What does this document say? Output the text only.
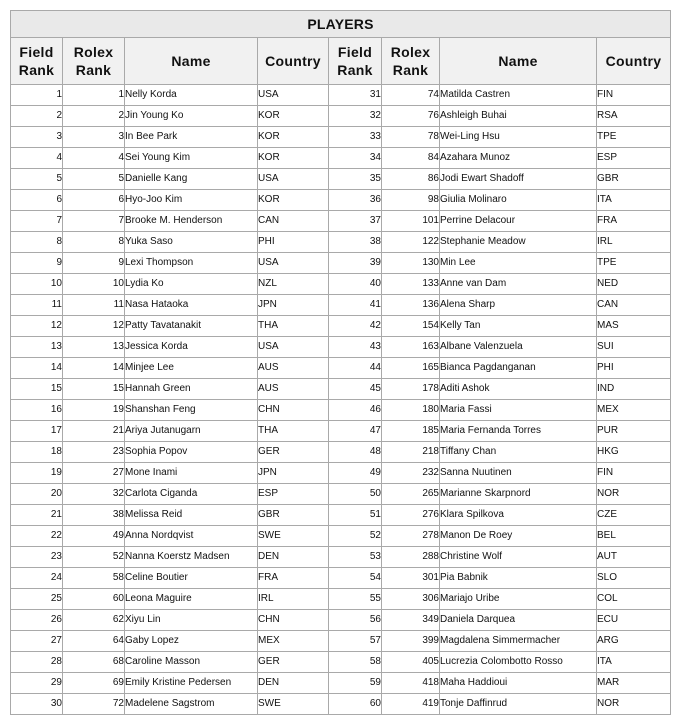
PLAYERS							
Field Rank	Rolex Rank	Name	Country	Field Rank	Rolex Rank	Name	Country
1	1	Nelly Korda	USA	31	74	Matilda Castren	FIN
2	2	Jin Young Ko	KOR	32	76	Ashleigh Buhai	RSA
3	3	In Bee Park	KOR	33	78	Wei-Ling Hsu	TPE
4	4	Sei Young Kim	KOR	34	84	Azahara Munoz	ESP
5	5	Danielle Kang	USA	35	86	Jodi Ewart Shadoff	GBR
6	6	Hyo-Joo Kim	KOR	36	98	Giulia Molinaro	ITA
7	7	Brooke M. Henderson	CAN	37	101	Perrine Delacour	FRA
8	8	Yuka Saso	PHI	38	122	Stephanie Meadow	IRL
9	9	Lexi Thompson	USA	39	130	Min Lee	TPE
10	10	Lydia Ko	NZL	40	133	Anne van Dam	NED
11	11	Nasa Hataoka	JPN	41	136	Alena Sharp	CAN
12	12	Patty Tavatanakit	THA	42	154	Kelly Tan	MAS
13	13	Jessica Korda	USA	43	163	Albane Valenzuela	SUI
14	14	Minjee Lee	AUS	44	165	Bianca Pagdanganan	PHI
15	15	Hannah Green	AUS	45	178	Aditi Ashok	IND
16	19	Shanshan Feng	CHN	46	180	Maria Fassi	MEX
17	21	Ariya Jutanugarn	THA	47	185	Maria Fernanda Torres	PUR
18	23	Sophia Popov	GER	48	218	Tiffany Chan	HKG
19	27	Mone Inami	JPN	49	232	Sanna Nuutinen	FIN
20	32	Carlota Ciganda	ESP	50	265	Marianne Skarpnord	NOR
21	38	Melissa Reid	GBR	51	276	Klara Spilkova	CZE
22	49	Anna Nordqvist	SWE	52	278	Manon De Roey	BEL
23	52	Nanna Koerstz Madsen	DEN	53	288	Christine Wolf	AUT
24	58	Celine Boutier	FRA	54	301	Pia Babnik	SLO
25	60	Leona Maguire	IRL	55	306	Mariajo Uribe	COL
26	62	Xiyu Lin	CHN	56	349	Daniela Darquea	ECU
27	64	Gaby Lopez	MEX	57	399	Magdalena Simmermacher	ARG
28	68	Caroline Masson	GER	58	405	Lucrezia Colombotto Rosso	ITA
29	69	Emily Kristine Pedersen	DEN	59	418	Maha Haddioui	MAR
30	72	Madelene Sagstrom	SWE	60	419	Tonje Daffinrud	NOR
